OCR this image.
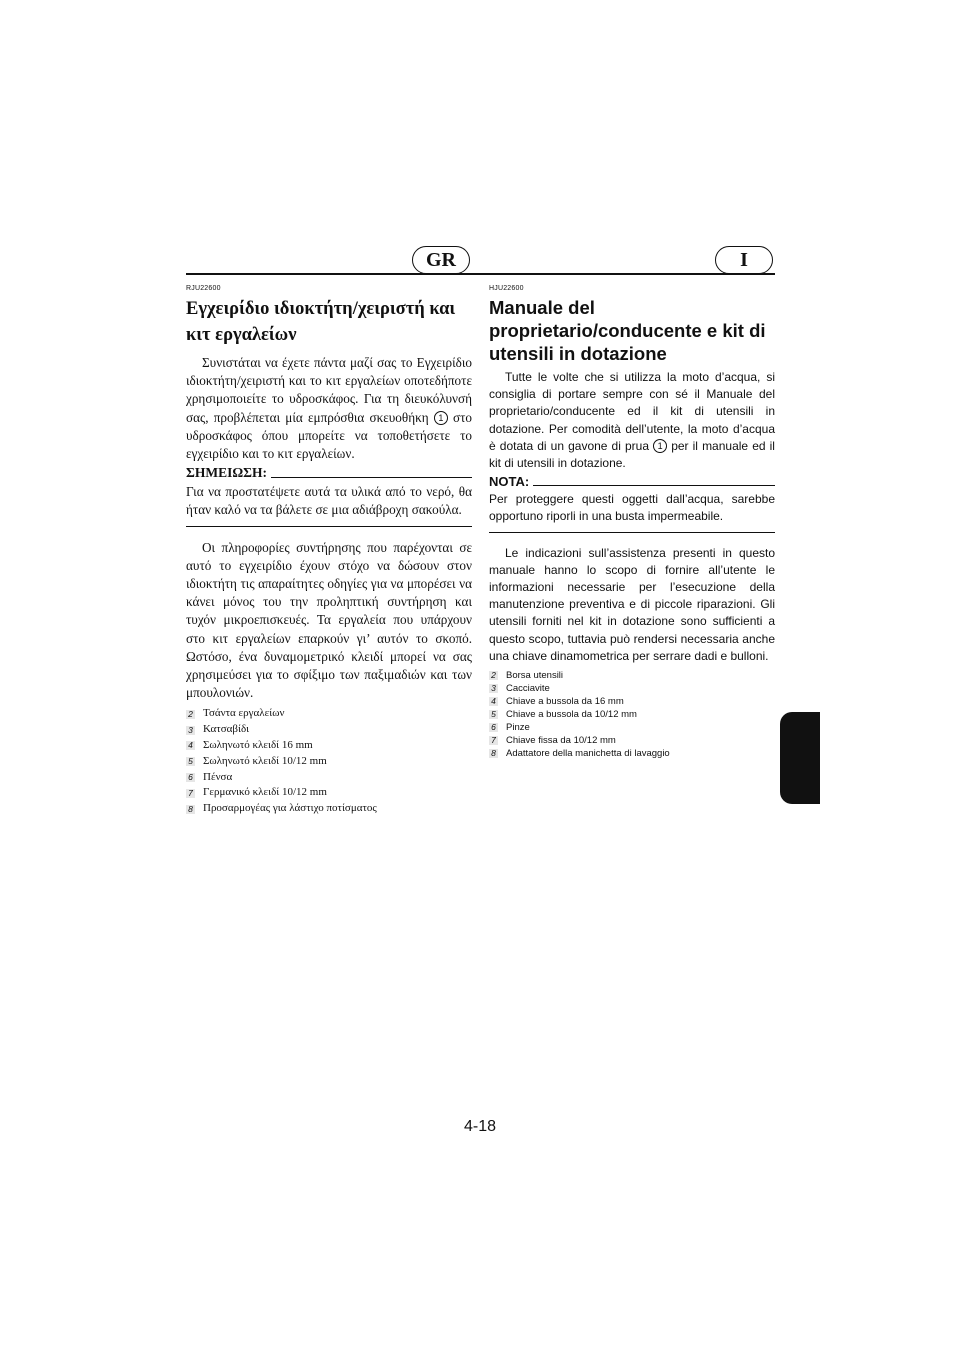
GR	I

RJU22600

Εγχειρίδιο ιδιοκτήτη/χειριστή και κιτ εργαλείων

Συνιστάται να έχετε πάντα μαζί σας το Εγχειρίδιο ιδιοκτήτη/χειριστή και το κιτ εργαλείων οποτεδήποτε χρησιμοποιείτε το υδροσκάφος. Για τη διευκόλυνσή σας, προβλέπεται μία εμπρόσθια σκευοθήκη 1 στο υδροσκάφος όπου μπορείτε να τοποθετήσετε το εγχειρίδιο και το κιτ εργαλείων.

ΣΗΜΕΙΩΣΗ:

Για να προστατέψετε αυτά τα υλικά από το νερό, θα ήταν καλό να τα βάλετε σε μια αδιάβροχη σακούλα.

Οι πληροφορίες συντήρησης που παρέχονται σε αυτό το εγχειρίδιο έχουν στόχο να δώσουν στον ιδιοκτήτη τις απαραίτητες οδηγίες για να μπορέσει να κάνει μόνος του την προληπτική συντήρηση και τυχόν μικροεπισκευές. Τα εργαλεία που υπάρχουν στο κιτ εργαλείων επαρκούν γι’ αυτόν το σκοπό. Ωστόσο, ένα δυναμομετρικό κλειδί μπορεί να σας χρησιμεύσει για το σφίξιμο των παξιμαδιών και των μπουλονιών.

2 Τσάντα εργαλείων
3 Κατσαβίδι
4 Σωληνωτό κλειδί 16 mm
5 Σωληνωτό κλειδί 10/12 mm
6 Πένσα
7 Γερμανικό κλειδί 10/12 mm
8 Προσαρμογέας για λάστιχο ποτίσματος

HJU22600

Manuale del proprietario/conducente e kit di utensili in dotazione

Tutte le volte che si utilizza la moto d’acqua, si consiglia di portare sempre con sé il Manuale del proprietario/conducente ed il kit di utensili in dotazione. Per comodità dell’utente, la moto d’acqua è dotata di un gavone di prua 1 per il manuale ed il kit di utensili in dotazione.

NOTA:

Per proteggere questi oggetti dall’acqua, sarebbe opportuno riporli in una busta impermeabile.

Le indicazioni sull’assistenza presenti in questo manuale hanno lo scopo di fornire all’utente le informazioni necessarie per l’esecuzione della manutenzione preventiva e di piccole riparazioni. Gli utensili forniti nel kit in dotazione sono sufficienti a questo scopo, tuttavia può rendersi necessaria anche una chiave dinamometrica per serrare dadi e bulloni.

2 Borsa utensili
3 Cacciavite
4 Chiave a bussola da 16 mm
5 Chiave a bussola da 10/12 mm
6 Pinze
7 Chiave fissa da 10/12 mm
8 Adattatore della manichetta di lavaggio
4-18
